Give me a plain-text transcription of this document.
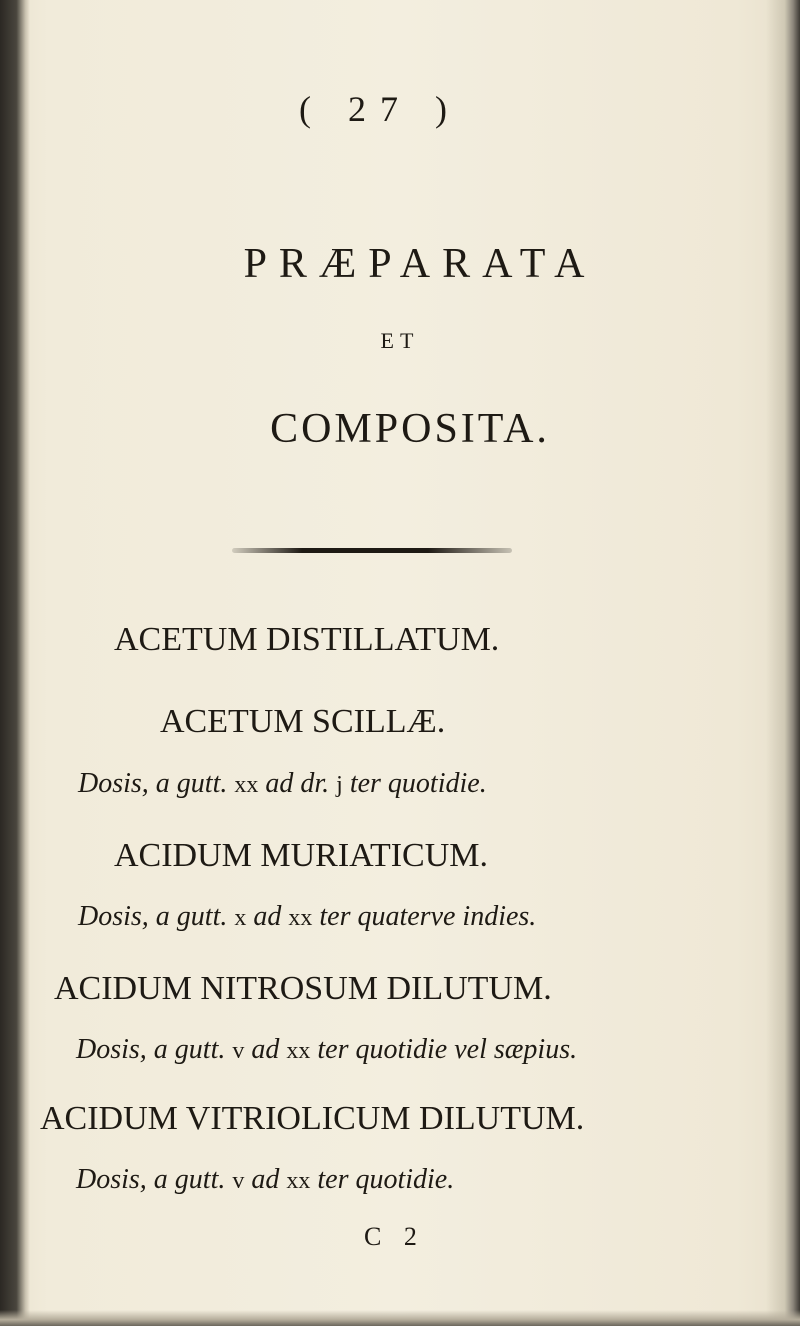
( 27 )
PRÆPARATA
ET
COMPOSITA.
ACETUM DISTILLATUM.
ACETUM SCILLÆ.
Dosis, a gutt. xx ad dr. j ter quotidie.
ACIDUM MURIATICUM.
Dosis, a gutt. x ad xx ter quaterve indies.
ACIDUM NITROSUM DILUTUM.
Dosis, a gutt. v ad xx ter quotidie vel sæpius.
ACIDUM VITRIOLICUM DILUTUM.
Dosis, a gutt. v ad xx ter quotidie.
C 2
